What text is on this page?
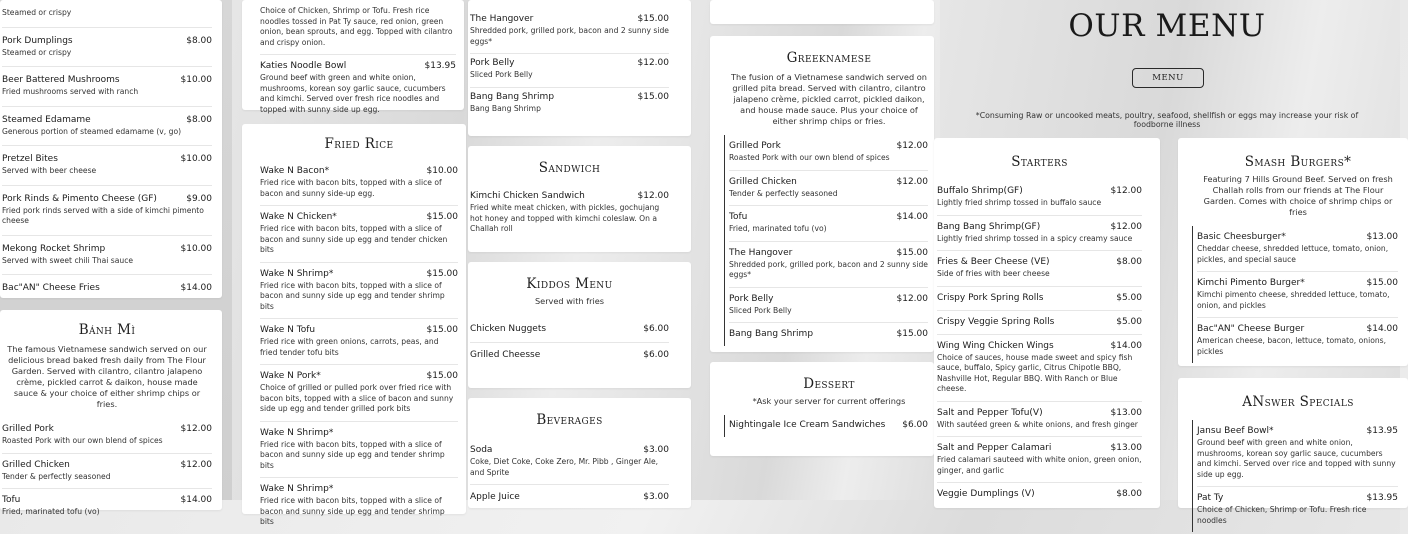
Steamed or crispy
Pork Dumplings	$8.00
Steamed or crispy
Beer Battered Mushrooms	$10.00
Fried mushrooms served with ranch
Steamed Edamame	$8.00
Generous portion of steamed edamame (v, go)
Pretzel Bites	$10.00
Served with beer cheese
Pork Rinds & Pimento Cheese (GF)	$9.00
Fried pork rinds served with a side of kimchi pimento cheese
Mekong Rocket Shrimp	$10.00
Served with sweet chili Thai sauce
Bac"AN" Cheese Fries	$14.00
Bánh Mì
The famous Vietnamese sandwich served on our delicious bread baked fresh daily from The Flour Garden. Served with cilantro, cilantro jalapeno crème, pickled carrot & daikon, house made sauce & your choice of either shrimp chips or fries.
Grilled Pork	$12.00
Roasted Pork with our own blend of spices
Grilled Chicken	$12.00
Tender & perfectly seasoned
Tofu	$14.00
Fried, marinated tofu (vo)
Choice of Chicken, Shrimp or Tofu. Fresh rice noodles tossed in Pat Ty sauce, red onion, green onion, bean sprouts, and egg. Topped with cilantro and crispy onion.
Katies Noodle Bowl	$13.95
Ground beef with green and white onion, mushrooms, korean soy garlic sauce, cucumbers and kimchi. Served over fresh rice noodles and topped with sunny side up egg.
Fried Rice
Wake N Bacon*	$10.00
Fried rice with bacon bits, topped with a slice of bacon and sunny side-up egg.
Wake N Chicken*	$15.00
Fried rice with bacon bits, topped with a slice of bacon and sunny side up egg and tender chicken bits
Wake N Shrimp*	$15.00
Fried rice with bacon bits, topped with a slice of bacon and sunny side up egg and tender shrimp bits
Wake N Tofu	$15.00
Fried rice with green onions, carrots, peas, and fried tender tofu bits
Wake N Pork*	$15.00
Choice of grilled or pulled pork over fried rice with bacon bits, topped with a slice of bacon and sunny side up egg and tender grilled pork bits
Wake N Shrimp*
Fried rice with bacon bits, topped with a slice of bacon and sunny side up egg and tender shrimp bits
Wake N Shrimp*
Fried rice with bacon bits, topped with a slice of bacon and sunny side up egg and tender shrimp bits
The Hangover	$15.00
Shredded pork, grilled pork, bacon and 2 sunny side eggs*
Pork Belly	$12.00
Sliced Pork Belly
Bang Bang Shrimp	$15.00
Bang Bang Shrimp
Sandwich
Kimchi Chicken Sandwich	$12.00
Fried white meat chicken, with pickles, gochujang hot honey and topped with kimchi coleslaw. On a Challah roll
Kiddos Menu
Served with fries
Chicken Nuggets	$6.00
Grilled Cheesse	$6.00
Beverages
Soda	$3.00
Coke, Diet Coke, Coke Zero, Mr. Pibb , Ginger Ale, and Sprite
Apple Juice	$3.00
Greeknamese
The fusion of a Vietnamese sandwich served on grilled pita bread. Served with cilantro, cilantro jalapeno crème, pickled carrot, pickled daikon, and house made sauce. Plus your choice of either shrimp chips or fries.
Grilled Pork	$12.00
Roasted Pork with our own blend of spices
Grilled Chicken	$12.00
Tender & perfectly seasoned
Tofu	$14.00
Fried, marinated tofu (vo)
The Hangover	$15.00
Shredded pork, grilled pork, bacon and 2 sunny side eggs*
Pork Belly	$12.00
Sliced Pork Belly
Bang Bang Shrimp	$15.00
Dessert
*Ask your server for current offerings
Nightingale Ice Cream Sandwiches	$6.00
OUR MENU
MENU
*Consuming Raw or uncooked meats, poultry, seafood, shellfish or eggs may increase your risk of foodborne illness
Starters
Buffalo Shrimp(GF)	$12.00
Lightly fried shrimp tossed in buffalo sauce
Bang Bang Shrimp(GF)	$12.00
Lightly fried shrimp tossed in a spicy creamy sauce
Fries & Beer Cheese (VE)	$8.00
Side of fries with beer cheese
Crispy Pork Spring Rolls	$5.00
Crispy Veggie Spring Rolls	$5.00
Wing Wing Chicken Wings	$14.00
Choice of sauces, house made sweet and spicy fish sauce, buffalo, Spicy garlic, Citrus Chipotle BBQ, Nashville Hot, Regular BBQ. With Ranch or Blue cheese.
Salt and Pepper Tofu(V)	$13.00
With sautéed green & white onions, and fresh ginger
Salt and Pepper Calamari	$13.00
Fried calamari sauteed with white onion, green onion, ginger, and garlic
Veggie Dumplings (V)	$8.00
Smash Burgers*
Featuring 7 Hills Ground Beef. Served on fresh Challah rolls from our friends at The Flour Garden. Comes with choice of shrimp chips or fries
Basic Cheesburger*	$13.00
Cheddar cheese, shredded lettuce, tomato, onion, pickles, and special sauce
Kimchi Pimento Burger*	$15.00
Kimchi pimento cheese, shredded lettuce, tomato, onion, and pickles
Bac"AN" Cheese Burger	$14.00
American cheese, bacon, lettuce, tomato, onions, pickles
ANswer Specials
Jansu Beef Bowl*	$13.95
Ground beef with green and white onion, mushrooms, korean soy garlic sauce, cucumbers and kimchi. Served over rice and topped with sunny side up egg.
Pat Ty	$13.95
Choice of Chicken, Shrimp or Tofu. Fresh rice noodles
